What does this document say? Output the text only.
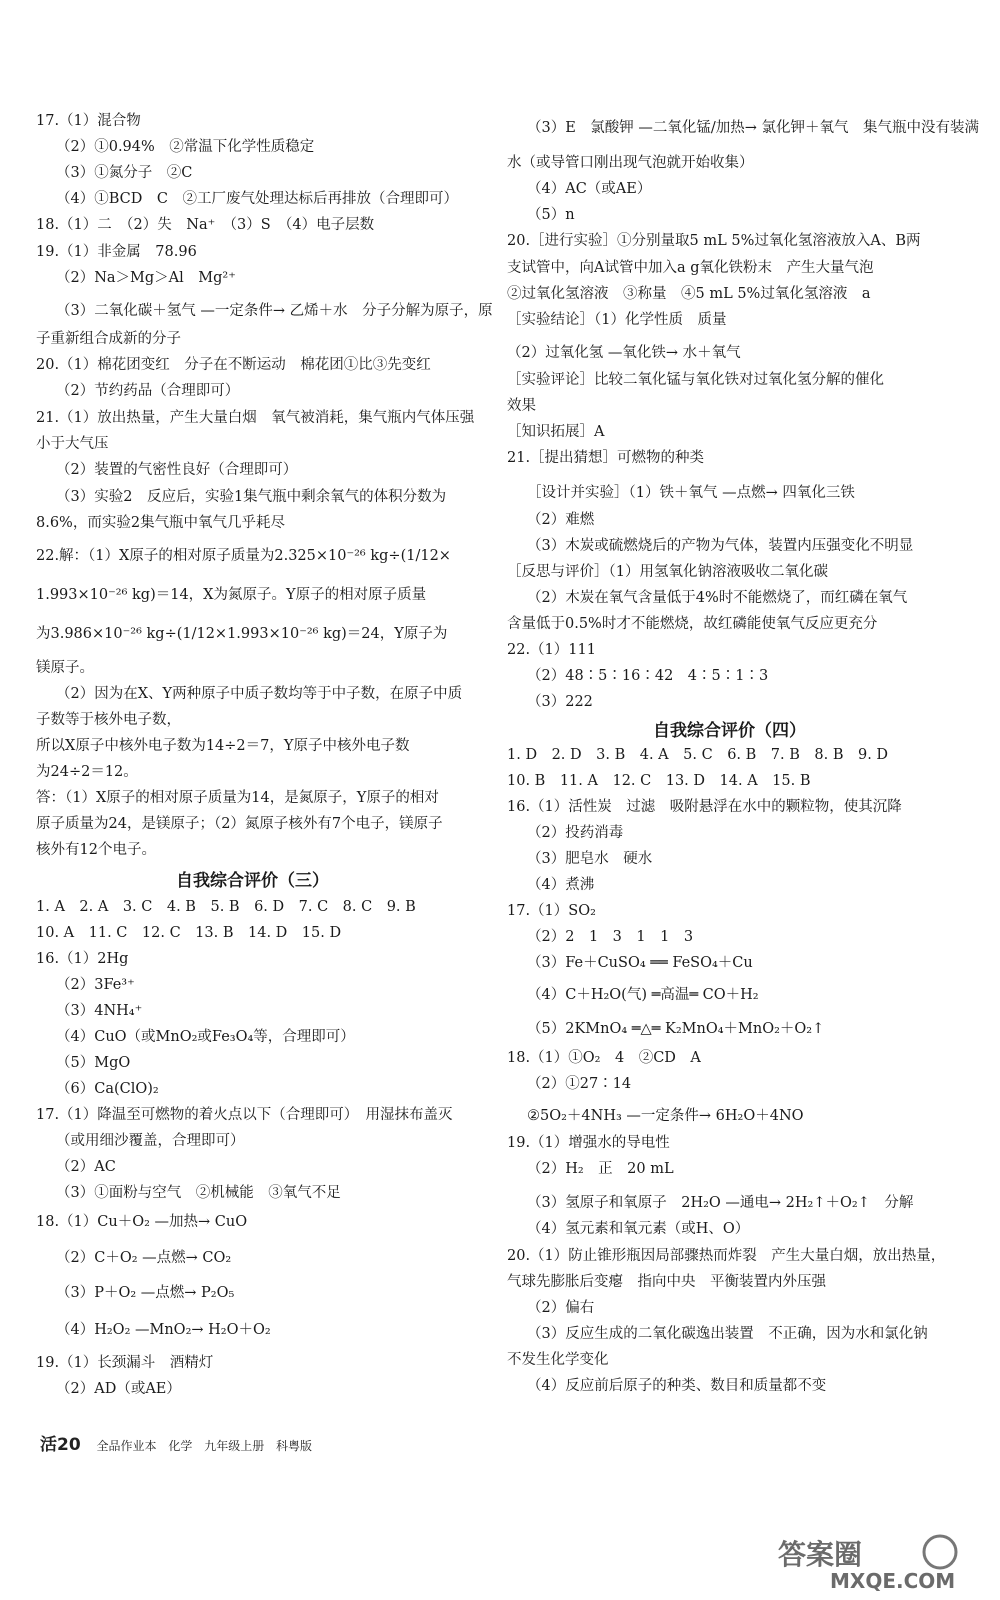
17.（1）混合物
（2）①0.94%　②常温下化学性质稳定
（3）①氮分子　②C
（4）①BCD　C　②工厂废气处理达标后再排放（合理即可）
18.（1）二　（2）失　Na⁺　（3）S　（4）电子层数
19.（1）非金属　78.96
（2）Na＞Mg＞Al　Mg²⁺
（3）二氧化碳＋氢气 —一定条件→ 乙烯＋水　分子分解为原子，原
子重新组合成新的分子
20.（1）棉花团变红　分子在不断运动　棉花团①比③先变红
（2）节约药品（合理即可）
21.（1）放出热量，产生大量白烟　氧气被消耗，集气瓶内气体压强
小于大气压
（2）装置的气密性良好（合理即可）
（3）实验2　反应后，实验1集气瓶中剩余氧气的体积分数为
8.6%，而实验2集气瓶中氧气几乎耗尽
22.解：（1）X原子的相对原子质量为2.325×10⁻²⁶ kg÷(1/12×
1.993×10⁻²⁶ kg)＝14，X为氮原子。Y原子的相对原子质量
为3.986×10⁻²⁶ kg÷(1/12×1.993×10⁻²⁶ kg)＝24，Y原子为
镁原子。
（2）因为在X、Y两种原子中质子数均等于中子数，在原子中质
子数等于核外电子数，
所以X原子中核外电子数为14÷2＝7，Y原子中核外电子数
为24÷2＝12。
答：（1）X原子的相对原子质量为14，是氮原子，Y原子的相对
原子质量为24，是镁原子；（2）氮原子核外有7个电子，镁原子
核外有12个电子。
自我综合评价（三）
1. A　2. A　3. C　4. B　5. B　6. D　7. C　8. C　9. B
10. A　11. C　12. C　13. B　14. D　15. D
16.（1）2Hg
（2）3Fe³⁺
（3）4NH₄⁺
（4）CuO（或MnO₂或Fe₃O₄等，合理即可）
（5）MgO
（6）Ca(ClO)₂
17.（1）降温至可燃物的着火点以下（合理即可）　用湿抹布盖灭
（或用细沙覆盖，合理即可）
（2）AC
（3）①面粉与空气　②机械能　③氧气不足
18.（1）Cu＋O₂ —加热→ CuO
（2）C＋O₂ —点燃→ CO₂
（3）P＋O₂ —点燃→ P₂O₅
（4）H₂O₂ —MnO₂→ H₂O＋O₂
19.（1）长颈漏斗　酒精灯
（2）AD（或AE）
（3）E　氯酸钾 —二氧化锰/加热→ 氯化钾＋氧气　集气瓶中没有装满
水（或导管口刚出现气泡就开始收集）
（4）AC（或AE）
（5）n
20.［进行实验］①分别量取5 mL 5%过氧化氢溶液放入A、B两
支试管中，向A试管中加入a g氧化铁粉末　产生大量气泡
②过氧化氢溶液　③称量　④5 mL 5%过氧化氢溶液　a
［实验结论］（1）化学性质　质量
（2）过氧化氢 —氧化铁→ 水＋氧气
［实验评论］比较二氧化锰与氧化铁对过氧化氢分解的催化
效果
［知识拓展］A
21.［提出猜想］可燃物的种类
［设计并实验］（1）铁＋氧气 —点燃→ 四氧化三铁
（2）难燃
（3）木炭或硫燃烧后的产物为气体，装置内压强变化不明显
［反思与评价］（1）用氢氧化钠溶液吸收二氧化碳
（2）木炭在氧气含量低于4%时不能燃烧了，而红磷在氧气
含量低于0.5%时才不能燃烧，故红磷能使氧气反应更充分
22.（1）111
（2）48∶5∶16∶42　4∶5∶1∶3
（3）222
自我综合评价（四）
1. D　2. D　3. B　4. A　5. C　6. B　7. B　8. B　9. D
10. B　11. A　12. C　13. D　14. A　15. B
16.（1）活性炭　过滤　吸附悬浮在水中的颗粒物，使其沉降
（2）投药消毒
（3）肥皂水　硬水
（4）煮沸
17.（1）SO₂
（2）2　1　3　1　1　3
（3）Fe＋CuSO₄ ══ FeSO₄＋Cu
（4）C＋H₂O(气) ═高温═ CO＋H₂
（5）2KMnO₄ ═△═ K₂MnO₄＋MnO₂＋O₂↑
18.（1）①O₂　4　②CD　A
（2）①27∶14
②5O₂＋4NH₃ —一定条件→ 6H₂O＋4NO
19.（1）增强水的导电性
（2）H₂　正　20 mL
（3）氢原子和氧原子　2H₂O —通电→ 2H₂↑＋O₂↑　分解
（4）氢元素和氧元素（或H、O）
20.（1）防止锥形瓶因局部骤热而炸裂　产生大量白烟，放出热量，
气球先膨胀后变瘪　指向中央　平衡装置内外压强
（2）偏右
（3）反应生成的二氧化碳逸出装置　不正确，因为水和氯化钠
不发生化学变化
（4）反应前后原子的种类、数目和质量都不变
活20 全品作业本 化学 九年级上册 科粤版
答案圈
MXQE.COM
